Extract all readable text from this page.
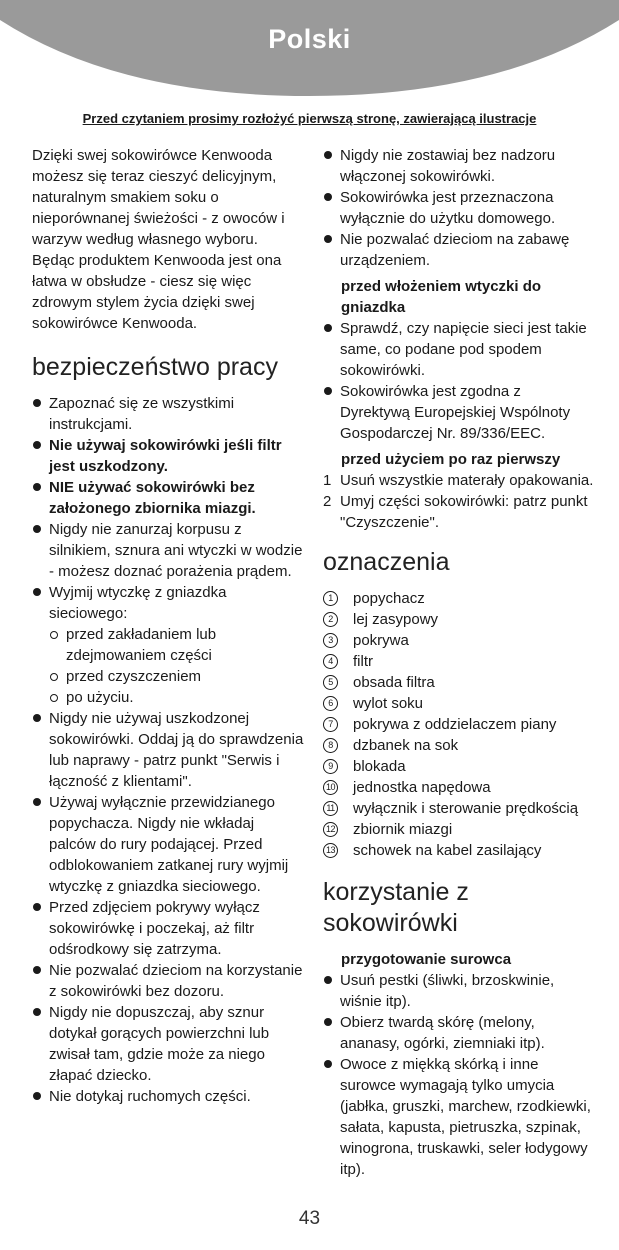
Polski
Przed czytaniem prosimy rozłożyć pierwszą stronę, zawierającą ilustracje

Dzięki swej sokowirówce Kenwooda możesz się teraz cieszyć delicyjnym, naturalnym smakiem soku o nieporównanej świeżości - z owoców i warzyw według własnego wyboru. Będąc produktem Kenwooda jest ona łatwa w obsłudze - ciesz się więc zdrowym stylem życia dzięki swej sokowirówce Kenwooda.

bezpieczeństwo pracy
Zapoznać się ze wszystkimi instrukcjami.
Nie używaj sokowirówki jeśli filtr jest uszkodzony.
NIE używać sokowirówki bez założonego zbiornika miazgi.
Nigdy nie zanurzaj korpusu z silnikiem, sznura ani wtyczki w wodzie - możesz doznać porażenia prądem.
Wyjmij wtyczkę z gniazdka sieciowego:
przed zakładaniem lub zdejmowaniem części
przed czyszczeniem
po użyciu.
Nigdy nie używaj uszkodzonej sokowirówki. Oddaj ją do sprawdzenia lub naprawy - patrz punkt "Serwis i łączność z klientami".
Używaj wyłącznie przewidzianego popychacza. Nigdy nie wkładaj palców do rury podającej. Przed odblokowaniem zatkanej rury wyjmij wtyczkę z gniazdka sieciowego.
Przed zdjęciem pokrywy wyłącz sokowirówkę i poczekaj, aż filtr odśrodkowy się zatrzyma.
Nie pozwalać dzieciom na korzystanie z sokowirówki bez dozoru.
Nigdy nie dopuszczaj, aby sznur dotykał gorących powierzchni lub zwisał tam, gdzie może za niego złapać dziecko.
Nie dotykaj ruchomych części.
Nigdy nie zostawiaj bez nadzoru włączonej sokowirówki.
Sokowirówka jest przeznaczona wyłącznie do użytku domowego.
Nie pozwalać dzieciom na zabawę urządzeniem.

przed włożeniem wtyczki do gniazdka

Sprawdź, czy napięcie sieci jest takie same, co podane pod spodem sokowirówki.
Sokowirówka jest zgodna z Dyrektywą Europejskiej Wspólnoty Gospodarczej Nr. 89/336/EEC.

przed użyciem po raz pierwszy

1 Usuń wszystkie materały opakowania.
2 Umyj części sokowirówki: patrz punkt "Czyszczenie".
oznaczenia
1	popychacz
2	lej zasypowy
3	pokrywa
4	filtr
5	obsada filtra
6	wylot soku
7	pokrywa z oddzielaczem piany
8	dzbanek na sok
9	blokada
10 jednostka napędowa
11 wyłącznik i sterowanie prędkością
12 zbiornik miazgi
13 schowek na kabel zasilający
korzystanie z sokowirówki

przygotowanie surowca

Usuń pestki (śliwki, brzoskwinie, wiśnie itp).
Obierz twardą skórę (melony, ananasy, ogórki, ziemniaki itp).
Owoce z miękką skórką i inne surowce wymagają tylko umycia (jabłka, gruszki, marchew, rzodkiewki, sałata, kapusta, pietruszka, szpinak, winogrona, truskawki, seler łodygowy itp).
43
